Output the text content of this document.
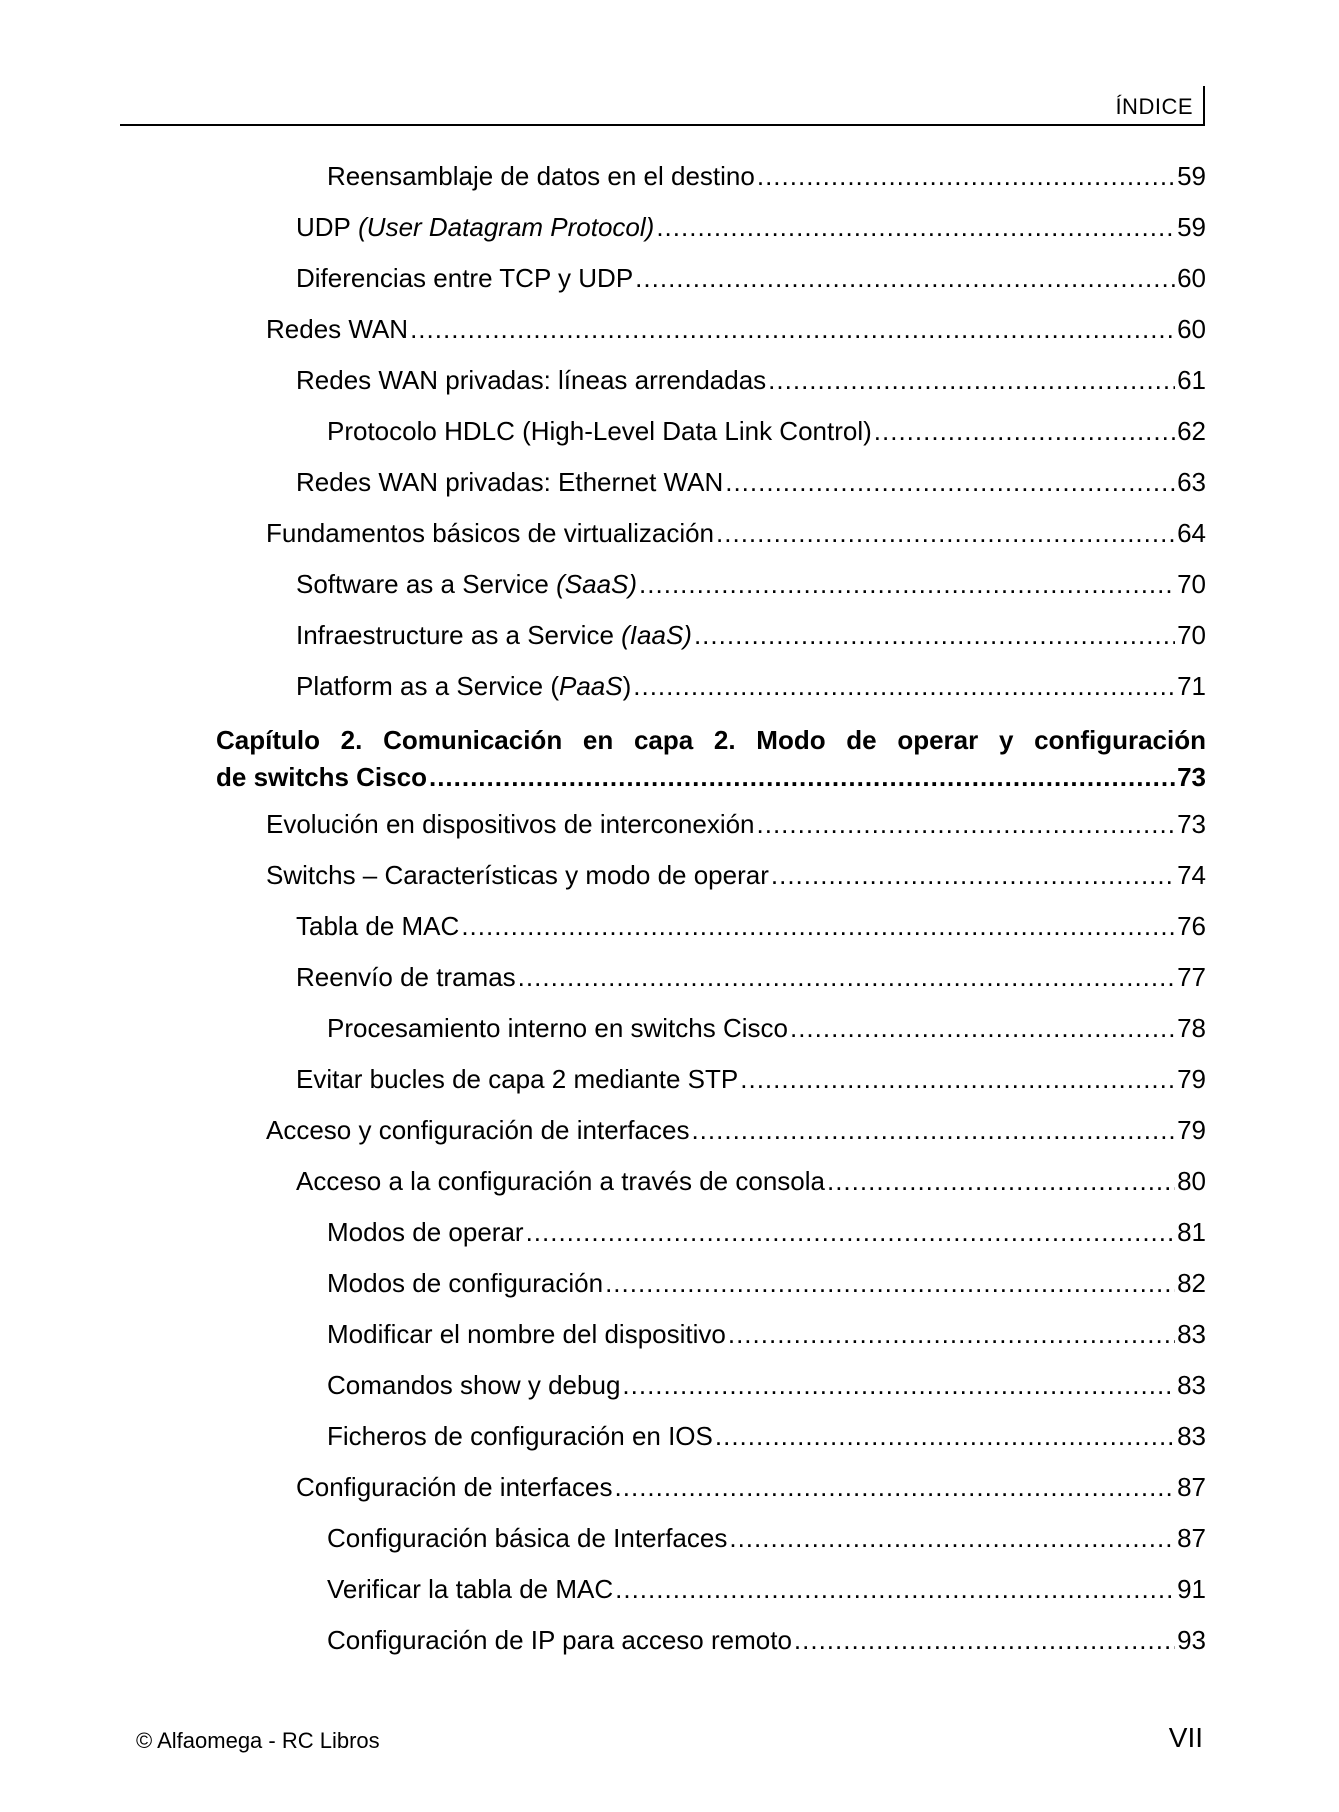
ÍNDICE
Reensamblaje de datos en el destino .....	59
UDP (User Datagram Protocol) .....	59
Diferencias entre TCP y UDP .....	60
Redes WAN .....	60
Redes WAN privadas: líneas arrendadas .....	61
Protocolo HDLC (High-Level Data Link Control) .....	62
Redes WAN privadas: Ethernet WAN .....	63
Fundamentos básicos de virtualización .....	64
Software as a Service (SaaS) .....	70
Infraestructure as a Service (IaaS) .....	70
Platform as a Service (PaaS) .....	71
Capítulo 2. Comunicación en capa 2. Modo de operar y configuración
de switchs Cisco .....	73
Evolución en dispositivos de interconexión .....	73
Switchs – Características y modo de operar .....	74
Tabla de MAC .....	76
Reenvío de tramas .....	77
Procesamiento interno en switchs Cisco .....	78
Evitar bucles de capa 2 mediante STP .....	79
Acceso y configuración de interfaces .....	79
Acceso a la configuración a través de consola .....	80
Modos de operar .....	81
Modos de configuración .....	82
Modificar el nombre del dispositivo .....	83
Comandos show y debug .....	83
Ficheros de configuración en IOS .....	83
Configuración de interfaces .....	87
Configuración básica de Interfaces .....	87
Verificar la tabla de MAC .....	91
Configuración de IP para acceso remoto .....	93
© Alfaomega - RC Libros	VII
